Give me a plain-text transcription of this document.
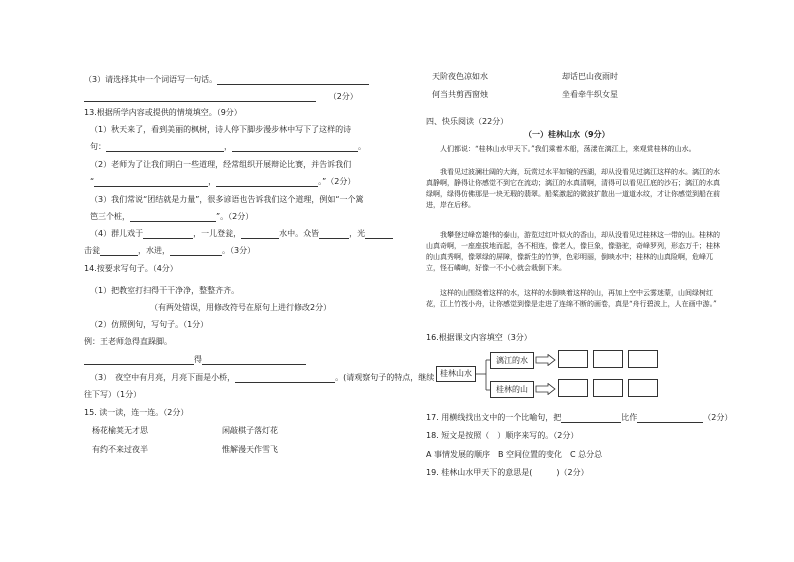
（3）请选择其中一个词语写一句话。
（2分）
13.根据所学内容或提供的情境填空。（9分）
（1）秋天来了，看到美丽的枫树，诗人停下脚步漫步林中写下了这样的诗
句：	，	。
（2）老师为了让我们明白一些道理，经常组织开展辩论比赛，并告诉我们
“	，	。”（2分）
（3）我们常说“团结就是力量”，很多谚语也告诉我们这个道理，例如“一个篱
笆三个桩，	”。（2分）
（4）群儿戏于	，一儿登瓮，	水中。众皆	，光
击瓮	，水进，	。（3分）
14.按要求写句子。（4分）
（1）把教室打扫得干干净净，整整齐齐。
（有两处错误，用修改符号在原句上进行修改2分）
（2）仿照例句，写句子。（1分）
例：王老师急得直跺脚。
得
（3）　夜空中有月亮，月亮下面是小桥，	。(请观察句子的特点，继续
往下写）（1分）
15. 读一读，连一连。（2分）
杨花榆荚无才思	闲敲棋子落灯花
有约不来过夜半	惟解漫天作雪飞
天阶夜色凉如水	却话巴山夜雨时
何当共剪西窗烛	坐看牵牛织女星
四、快乐阅读（22分）
（一）桂林山水（9分）
人们都说：“桂林山水甲天下。”我们乘着木船，荡漾在漓江上，来观赏桂林的山水。
我看见过波澜壮阔的大海，玩赏过水平如镜的西湖，却从没看见过漓江这样的水。漓江的水真静啊，静得让你感觉不到它在流动；漓江的水真清啊，清得可以看见江底的沙石；漓江的水真绿啊，绿得仿佛那是一块无瑕的翡翠。船桨激起的微波扩散出一道道水纹，才让你感觉到船在前进，岸在后移。
我攀登过峰峦雄伟的泰山，游览过红叶似火的香山，却从没看见过桂林这一带的山。桂林的山真奇啊，一座座拔地而起，各不相连，像老人，像巨象，像骆驼，奇峰罗列，形态万千；桂林的山真秀啊，像翠绿的屏障，像新生的竹笋，色彩明丽，倒映水中；桂林的山真险啊，危峰兀立，怪石嶙峋，好像一不小心就会栽倒下来。
这样的山围绕着这样的水，这样的水倒映着这样的山，再加上空中云雾迷蒙，山间绿树红花，江上竹筏小舟，让你感觉到像是走进了连绵不断的画卷，真是“舟行碧波上，人在画中游。”
16.根据课文内容填空（3分）
桂林山水
漓江的水
桂林的山
17. 用横线找出文中的一个比喻句，把	比作	（2分）
18. 短文是按照（　）顺序来写的。（2分）
A 事情发展的顺序　B 空间位置的变化　C 总分总
19. 桂林山水甲天下的意思是(　　　)（2分）
